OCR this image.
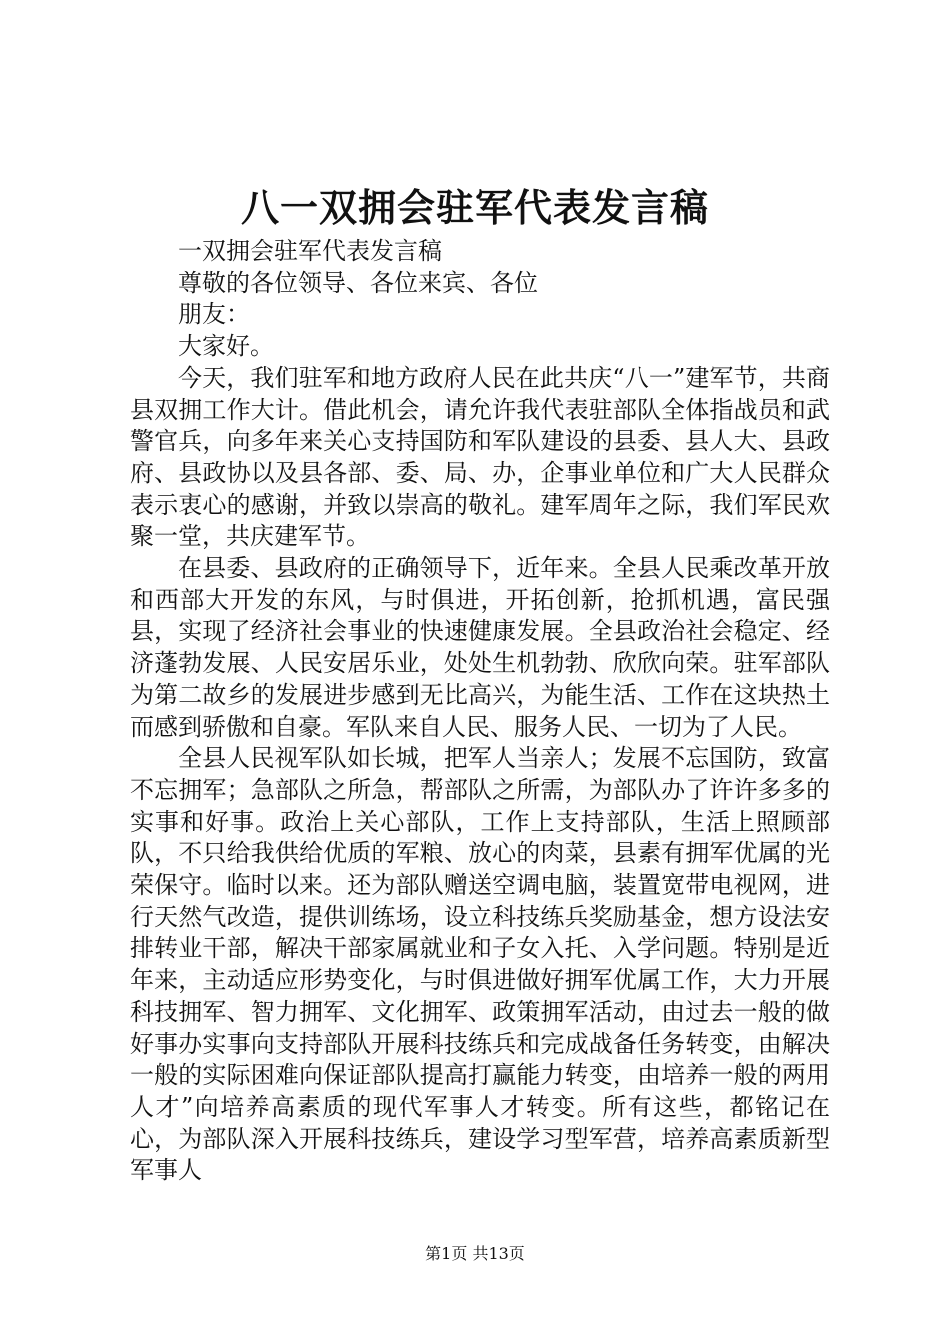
八一双拥会驻军代表发言稿

一双拥会驻军代表发言稿

尊敬的各位领导、各位来宾、各位

朋友：

大家好。

今天，我们驻军和地方政府人民在此共庆“八一”建军节，共商县双拥工作大计。借此机会，请允许我代表驻部队全体指战员和武警官兵，向多年来关心支持国防和军队建设的县委、县人大、县政府、县政协以及县各部、委、局、办，企事业单位和广大人民群众表示衷心的感谢，并致以崇高的敬礼。建军周年之际，我们军民欢聚一堂，共庆建军节。

在县委、县政府的正确领导下，近年来。全县人民乘改革开放和西部大开发的东风，与时俱进，开拓创新，抢抓机遇，富民强县，实现了经济社会事业的快速健康发展。全县政治社会稳定、经济蓬勃发展、人民安居乐业，处处生机勃勃、欣欣向荣。驻军部队为第二故乡的发展进步感到无比高兴，为能生活、工作在这块热土而感到骄傲和自豪。军队来自人民、服务人民、一切为了人民。

全县人民视军队如长城，把军人当亲人；发展不忘国防，致富不忘拥军；急部队之所急，帮部队之所需，为部队办了许许多多的实事和好事。政治上关心部队，工作上支持部队，生活上照顾部队，不只给我供给优质的军粮、放心的肉菜，县素有拥军优属的光荣保守。临时以来。还为部队赠送空调电脑，装置宽带电视网，进行天然气改造，提供训练场，设立科技练兵奖励基金，想方设法安排转业干部，解决干部家属就业和子女入托、入学问题。特别是近年来，主动适应形势变化，与时俱进做好拥军优属工作，大力开展科技拥军、智力拥军、文化拥军、政策拥军活动，由过去一般的做好事办实事向支持部队开展科技练兵和完成战备任务转变，由解决一般的实际困难向保证部队提高打赢能力转变，由培养一般的两用人才”向培养高素质的现代军事人才转变。所有这些，都铭记在心，为部队深入开展科技练兵，建设学习型军营，培养高素质新型军事人

第1页 共13页
